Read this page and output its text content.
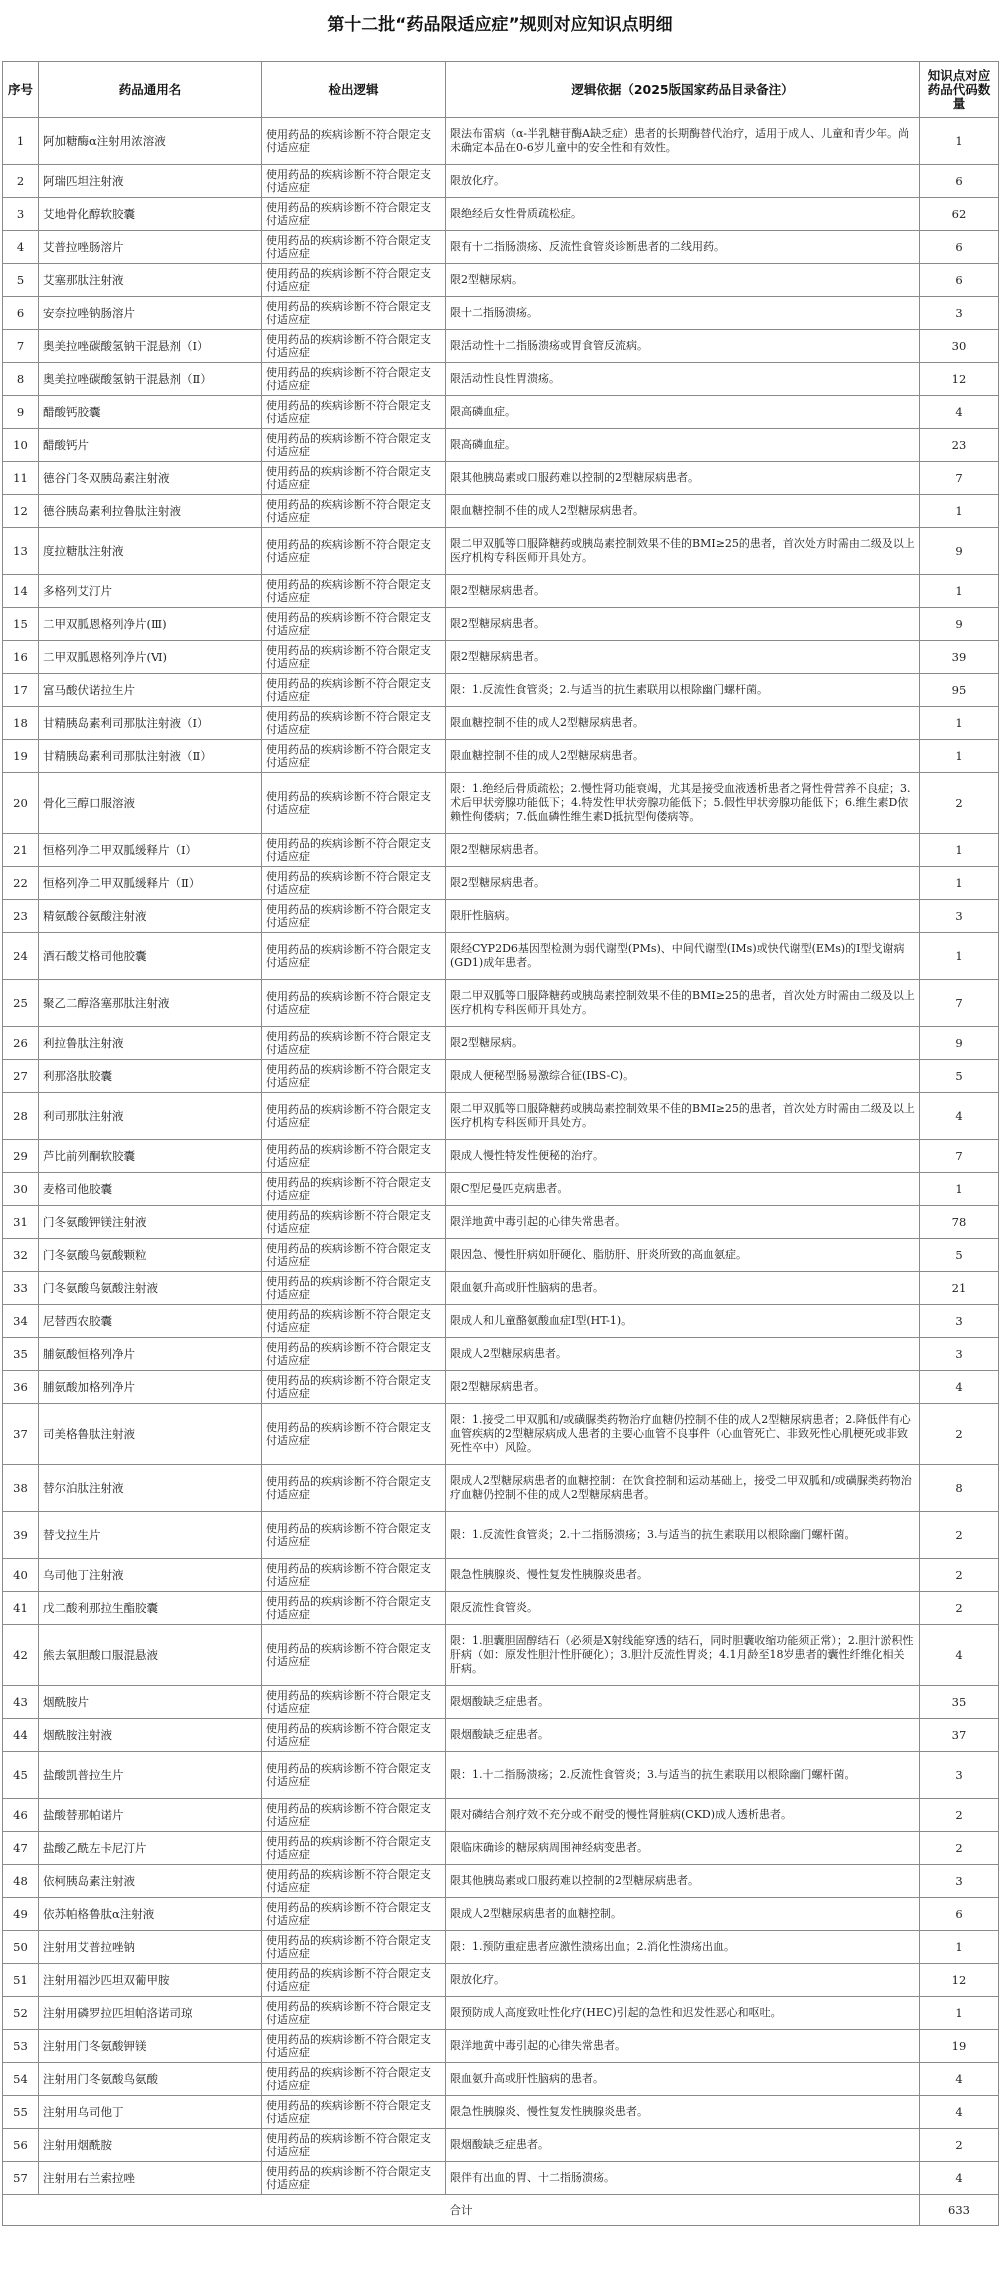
第十二批“药品限适应症”规则对应知识点明细
序号	药品通用名	检出逻辑	逻辑依据（2025版国家药品目录备注）	知识点对应药品代码数量
1	阿加糖酶α注射用浓溶液	使用药品的疾病诊断不符合限定支付适应症	限法布雷病（α-半乳糖苷酶A缺乏症）患者的长期酶替代治疗，适用于成人、儿童和青少年。尚未确定本品在0-6岁儿童中的安全性和有效性。	1
2	阿瑞匹坦注射液	使用药品的疾病诊断不符合限定支付适应症	限放化疗。	6
3	艾地骨化醇软胶囊	使用药品的疾病诊断不符合限定支付适应症	限绝经后女性骨质疏松症。	62
4	艾普拉唑肠溶片	使用药品的疾病诊断不符合限定支付适应症	限有十二指肠溃疡、反流性食管炎诊断患者的二线用药。	6
5	艾塞那肽注射液	使用药品的疾病诊断不符合限定支付适应症	限2型糖尿病。	6
6	安奈拉唑钠肠溶片	使用药品的疾病诊断不符合限定支付适应症	限十二指肠溃疡。	3
7	奥美拉唑碳酸氢钠干混悬剂（Ⅰ）	使用药品的疾病诊断不符合限定支付适应症	限活动性十二指肠溃疡或胃食管反流病。	30
8	奥美拉唑碳酸氢钠干混悬剂（Ⅱ）	使用药品的疾病诊断不符合限定支付适应症	限活动性良性胃溃疡。	12
9	醋酸钙胶囊	使用药品的疾病诊断不符合限定支付适应症	限高磷血症。	4
10	醋酸钙片	使用药品的疾病诊断不符合限定支付适应症	限高磷血症。	23
11	德谷门冬双胰岛素注射液	使用药品的疾病诊断不符合限定支付适应症	限其他胰岛素或口服药难以控制的2型糖尿病患者。	7
12	德谷胰岛素利拉鲁肽注射液	使用药品的疾病诊断不符合限定支付适应症	限血糖控制不佳的成人2型糖尿病患者。	1
13	度拉糖肽注射液	使用药品的疾病诊断不符合限定支付适应症	限二甲双胍等口服降糖药或胰岛素控制效果不佳的BMI≥25的患者，首次处方时需由二级及以上医疗机构专科医师开具处方。	9
14	多格列艾汀片	使用药品的疾病诊断不符合限定支付适应症	限2型糖尿病患者。	1
15	二甲双胍恩格列净片(Ⅲ)	使用药品的疾病诊断不符合限定支付适应症	限2型糖尿病患者。	9
16	二甲双胍恩格列净片(Ⅵ)	使用药品的疾病诊断不符合限定支付适应症	限2型糖尿病患者。	39
17	富马酸伏诺拉生片	使用药品的疾病诊断不符合限定支付适应症	限：1.反流性食管炎；2.与适当的抗生素联用以根除幽门螺杆菌。	95
18	甘精胰岛素利司那肽注射液（Ⅰ）	使用药品的疾病诊断不符合限定支付适应症	限血糖控制不佳的成人2型糖尿病患者。	1
19	甘精胰岛素利司那肽注射液（Ⅱ）	使用药品的疾病诊断不符合限定支付适应症	限血糖控制不佳的成人2型糖尿病患者。	1
20	骨化三醇口服溶液	使用药品的疾病诊断不符合限定支付适应症	限：1.绝经后骨质疏松；2.慢性肾功能衰竭，尤其是接受血液透析患者之肾性骨营养不良症；3.术后甲状旁腺功能低下；4.特发性甲状旁腺功能低下；5.假性甲状旁腺功能低下；6.维生素D依赖性佝偻病；7.低血磷性维生素D抵抗型佝偻病等。	2
21	恒格列净二甲双胍缓释片（Ⅰ）	使用药品的疾病诊断不符合限定支付适应症	限2型糖尿病患者。	1
22	恒格列净二甲双胍缓释片（Ⅱ）	使用药品的疾病诊断不符合限定支付适应症	限2型糖尿病患者。	1
23	精氨酸谷氨酸注射液	使用药品的疾病诊断不符合限定支付适应症	限肝性脑病。	3
24	酒石酸艾格司他胶囊	使用药品的疾病诊断不符合限定支付适应症	限经CYP2D6基因型检测为弱代谢型(PMs)、中间代谢型(IMs)或快代谢型(EMs)的Ⅰ型戈谢病(GD1)成年患者。	1
25	聚乙二醇洛塞那肽注射液	使用药品的疾病诊断不符合限定支付适应症	限二甲双胍等口服降糖药或胰岛素控制效果不佳的BMI≥25的患者，首次处方时需由二级及以上医疗机构专科医师开具处方。	7
26	利拉鲁肽注射液	使用药品的疾病诊断不符合限定支付适应症	限2型糖尿病。	9
27	利那洛肽胶囊	使用药品的疾病诊断不符合限定支付适应症	限成人便秘型肠易激综合征(IBS-C)。	5
28	利司那肽注射液	使用药品的疾病诊断不符合限定支付适应症	限二甲双胍等口服降糖药或胰岛素控制效果不佳的BMI≥25的患者，首次处方时需由二级及以上医疗机构专科医师开具处方。	4
29	芦比前列酮软胶囊	使用药品的疾病诊断不符合限定支付适应症	限成人慢性特发性便秘的治疗。	7
30	麦格司他胶囊	使用药品的疾病诊断不符合限定支付适应症	限C型尼曼匹克病患者。	1
31	门冬氨酸钾镁注射液	使用药品的疾病诊断不符合限定支付适应症	限洋地黄中毒引起的心律失常患者。	78
32	门冬氨酸鸟氨酸颗粒	使用药品的疾病诊断不符合限定支付适应症	限因急、慢性肝病如肝硬化、脂肪肝、肝炎所致的高血氨症。	5
33	门冬氨酸鸟氨酸注射液	使用药品的疾病诊断不符合限定支付适应症	限血氨升高或肝性脑病的患者。	21
34	尼替西农胶囊	使用药品的疾病诊断不符合限定支付适应症	限成人和儿童酪氨酸血症Ⅰ型(HT-1)。	3
35	脯氨酸恒格列净片	使用药品的疾病诊断不符合限定支付适应症	限成人2型糖尿病患者。	3
36	脯氨酸加格列净片	使用药品的疾病诊断不符合限定支付适应症	限2型糖尿病患者。	4
37	司美格鲁肽注射液	使用药品的疾病诊断不符合限定支付适应症	限：1.接受二甲双胍和/或磺脲类药物治疗血糖仍控制不佳的成人2型糖尿病患者；2.降低伴有心血管疾病的2型糖尿病成人患者的主要心血管不良事件（心血管死亡、非致死性心肌梗死或非致死性卒中）风险。	2
38	替尔泊肽注射液	使用药品的疾病诊断不符合限定支付适应症	限成人2型糖尿病患者的血糖控制：在饮食控制和运动基础上，接受二甲双胍和/或磺脲类药物治疗血糖仍控制不佳的成人2型糖尿病患者。	8
39	替戈拉生片	使用药品的疾病诊断不符合限定支付适应症	限：1.反流性食管炎；2.十二指肠溃疡；3.与适当的抗生素联用以根除幽门螺杆菌。	2
40	乌司他丁注射液	使用药品的疾病诊断不符合限定支付适应症	限急性胰腺炎、慢性复发性胰腺炎患者。	2
41	戊二酸利那拉生酯胶囊	使用药品的疾病诊断不符合限定支付适应症	限反流性食管炎。	2
42	熊去氧胆酸口服混悬液	使用药品的疾病诊断不符合限定支付适应症	限：1.胆囊胆固醇结石（必须是X射线能穿透的结石，同时胆囊收缩功能须正常）；2.胆汁淤积性肝病（如：原发性胆汁性肝硬化）；3.胆汁反流性胃炎；4.1月龄至18岁患者的囊性纤维化相关肝病。	4
43	烟酰胺片	使用药品的疾病诊断不符合限定支付适应症	限烟酸缺乏症患者。	35
44	烟酰胺注射液	使用药品的疾病诊断不符合限定支付适应症	限烟酸缺乏症患者。	37
45	盐酸凯普拉生片	使用药品的疾病诊断不符合限定支付适应症	限：1.十二指肠溃疡；2.反流性食管炎；3.与适当的抗生素联用以根除幽门螺杆菌。	3
46	盐酸替那帕诺片	使用药品的疾病诊断不符合限定支付适应症	限对磷结合剂疗效不充分或不耐受的慢性肾脏病(CKD)成人透析患者。	2
47	盐酸乙酰左卡尼汀片	使用药品的疾病诊断不符合限定支付适应症	限临床确诊的糖尿病周围神经病变患者。	2
48	依柯胰岛素注射液	使用药品的疾病诊断不符合限定支付适应症	限其他胰岛素或口服药难以控制的2型糖尿病患者。	3
49	依苏帕格鲁肽α注射液	使用药品的疾病诊断不符合限定支付适应症	限成人2型糖尿病患者的血糖控制。	6
50	注射用艾普拉唑钠	使用药品的疾病诊断不符合限定支付适应症	限：1.预防重症患者应激性溃疡出血；2.消化性溃疡出血。	1
51	注射用福沙匹坦双葡甲胺	使用药品的疾病诊断不符合限定支付适应症	限放化疗。	12
52	注射用磷罗拉匹坦帕洛诺司琼	使用药品的疾病诊断不符合限定支付适应症	限预防成人高度致吐性化疗(HEC)引起的急性和迟发性恶心和呕吐。	1
53	注射用门冬氨酸钾镁	使用药品的疾病诊断不符合限定支付适应症	限洋地黄中毒引起的心律失常患者。	19
54	注射用门冬氨酸鸟氨酸	使用药品的疾病诊断不符合限定支付适应症	限血氨升高或肝性脑病的患者。	4
55	注射用乌司他丁	使用药品的疾病诊断不符合限定支付适应症	限急性胰腺炎、慢性复发性胰腺炎患者。	4
56	注射用烟酰胺	使用药品的疾病诊断不符合限定支付适应症	限烟酸缺乏症患者。	2
57	注射用右兰索拉唑	使用药品的疾病诊断不符合限定支付适应症	限伴有出血的胃、十二指肠溃疡。	4
合计				633
